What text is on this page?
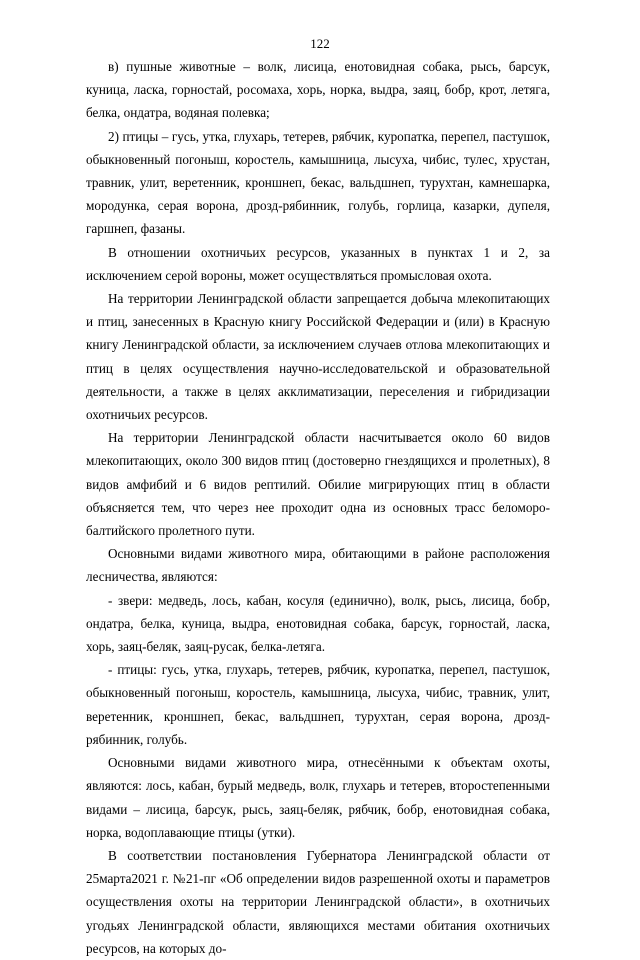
122

в) пушные животные – волк, лисица, енотовидная собака, рысь, барсук, куница, ласка, горностай, росомаха, хорь, норка, выдра, заяц, бобр, крот, летяга, белка, ондатра, водяная полевка;

2) птицы – гусь, утка, глухарь, тетерев, рябчик, куропатка, перепел, пастушок, обыкновенный погоныш, коростель, камышница, лысуха, чибис, тулес, хрустан, травник, улит, веретенник, кроншнеп, бекас, вальдшнеп, турухтан, камнешарка, мородунка, серая ворона, дрозд-рябинник, голубь, горлица, казарки, дупеля, гаршнеп, фазаны.

В отношении охотничьих ресурсов, указанных в пунктах 1 и 2, за исключением серой вороны, может осуществляться промысловая охота.

На территории Ленинградской области запрещается добыча млекопитающих и птиц, занесенных в Красную книгу Российской Федерации и (или) в Красную книгу Ленинградской области, за исключением случаев отлова млекопитающих и птиц в целях осуществления научно-исследовательской и образовательной деятельности, а также в целях акклиматизации, переселения и гибридизации охотничьих ресурсов.

На территории Ленинградской области насчитывается около 60 видов млекопитающих, около 300 видов птиц (достоверно гнездящихся и пролетных), 8 видов амфибий и 6 видов рептилий. Обилие мигрирующих птиц в области объясняется тем, что через нее проходит одна из основных трасс беломоро-балтийского пролетного пути.

Основными видами животного мира, обитающими в районе расположения лесничества, являются:

- звери: медведь, лось, кабан, косуля (единично), волк, рысь, лисица, бобр, ондатра, белка, куница, выдра, енотовидная собака, барсук, горностай, ласка, хорь, заяц-беляк, заяц-русак, белка-летяга.

- птицы: гусь, утка, глухарь, тетерев, рябчик, куропатка, перепел, пастушок, обыкновенный погоныш, коростель, камышница, лысуха, чибис, травник, улит, веретенник, кроншнеп, бекас, вальдшнеп, турухтан, серая ворона, дрозд-рябинник, голубь.

Основными видами животного мира, отнесёнными к объектам охоты, являются: лось, кабан, бурый медведь, волк, глухарь и тетерев, второстепенными видами – лисица, барсук, рысь, заяц-беляк, рябчик, бобр, енотовидная собака, норка, водоплавающие птицы (утки).

В соответствии постановления Губернатора Ленинградской области от 25марта2021 г. №21-пг «Об определении видов разрешенной охоты и параметров осуществления охоты на территории Ленинградской области», в охотничьих угодьях Ленинградской области, являющихся местами обитания охотничьих ресурсов, на которых до-
